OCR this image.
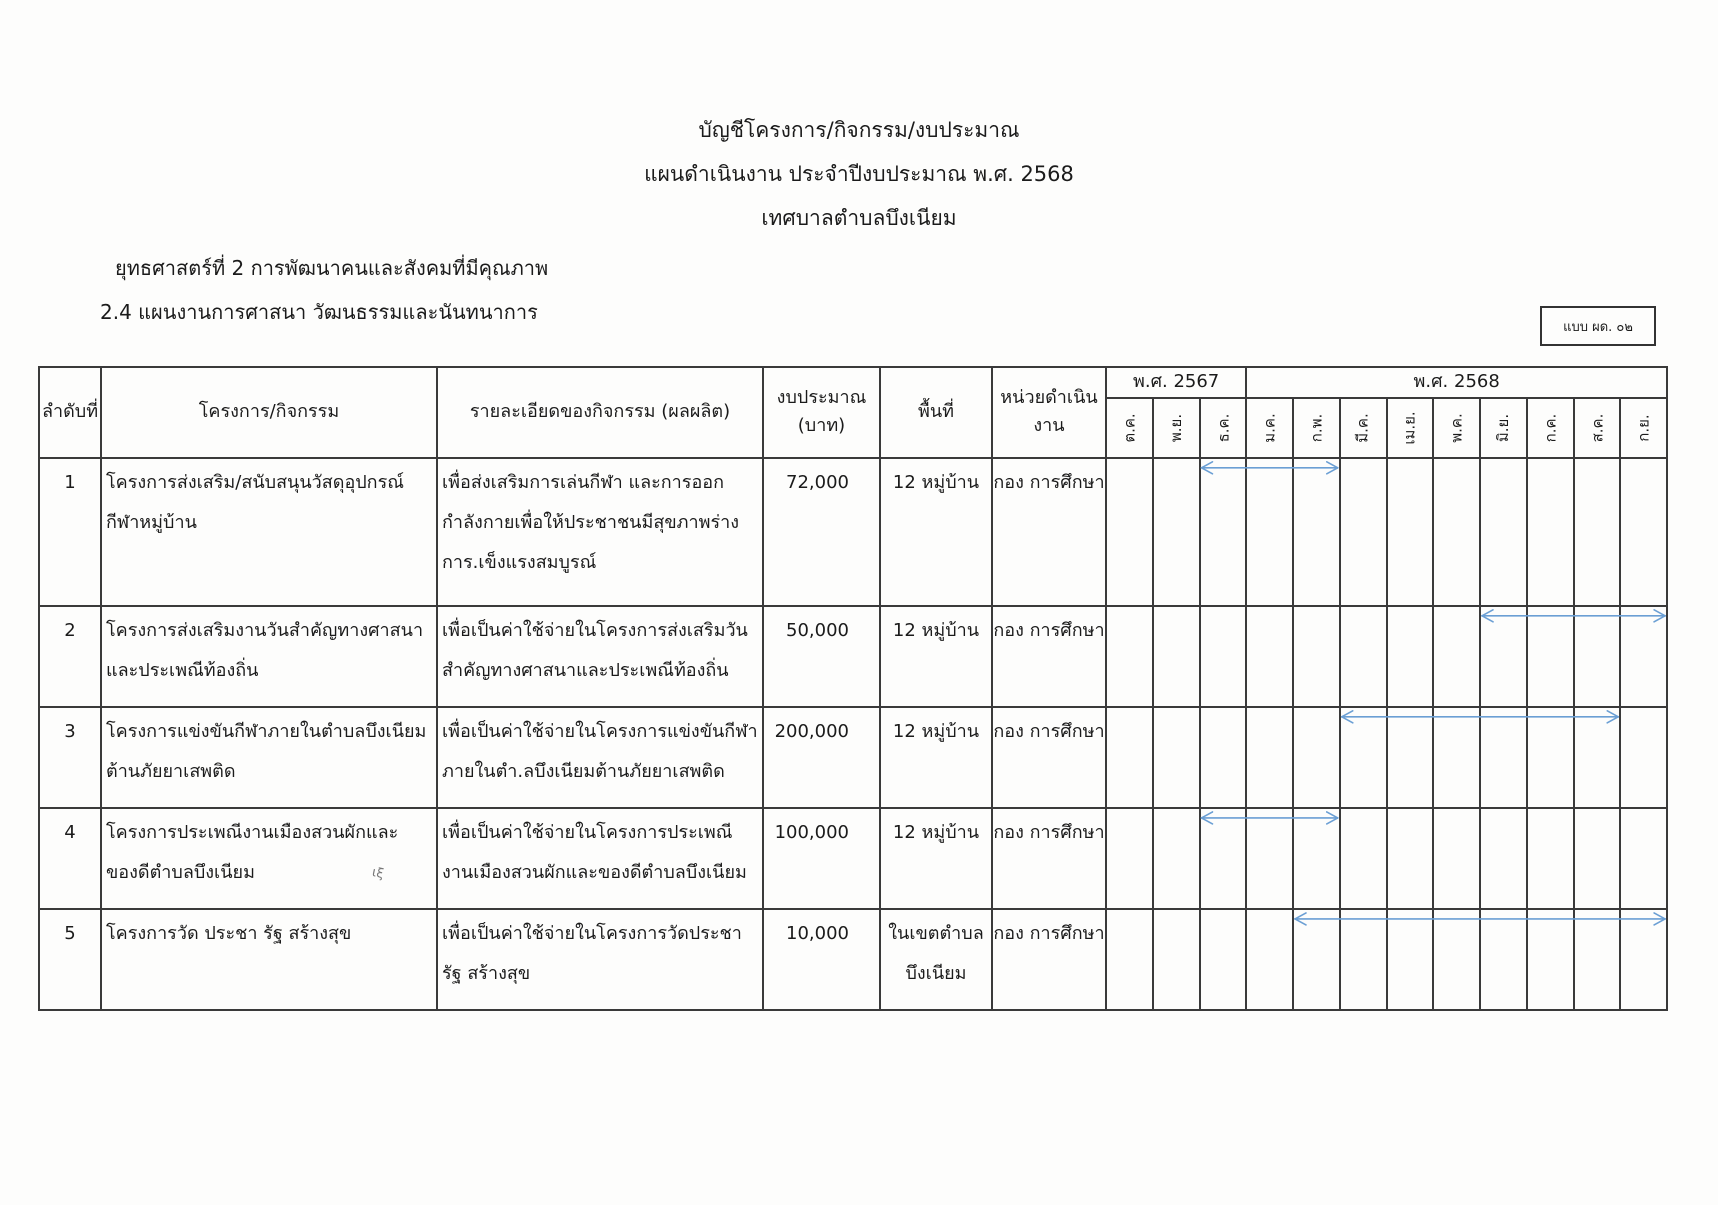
บัญชีโครงการ/กิจกรรม/งบประมาณ
แผนดำเนินงาน ประจำปีงบประมาณ พ.ศ. 2568
เทศบาลตำบลบึงเนียม
ยุทธศาสตร์ที่ 2 การพัฒนาคนและสังคมที่มีคุณภาพ
2.4 แผนงานการศาสนา วัฒนธรรมและนันทนาการ
แบบ ผด. ๐๒
ลำดับที่	โครงการ/กิจกรรม	รายละเอียดของกิจกรรม (ผลผลิต)	งบประมาณ (บาท)	พื้นที่	หน่วยดำเนินงาน	พ.ศ. 2567			พ.ศ. 2568								
						ต.ค.	พ.ย.	ธ.ค.	ม.ค.	ก.พ.	มี.ค.	เม.ย.	พ.ค.	มิ.ย.	ก.ค.	ส.ค.	ก.ย.
1	โครงการส่งเสริม/สนับสนุนวัสดุอุปกรณ์กีฬาหมู่บ้าน	เพื่อส่งเสริมการเล่นกีฬา และการออกกำลังกายเพื่อให้ประชาชนมีสุขภาพร่างการ.เข็งแรงสมบูรณ์	72,000	12 หมู่บ้าน	กอง การศึกษา												
2	โครงการส่งเสริมงานวันสำคัญทางศาสนาและประเพณีท้องถิ่น	เพื่อเป็นค่าใช้จ่ายในโครงการส่งเสริมวันสำคัญทางศาสนาและประเพณีท้องถิ่น	50,000	12 หมู่บ้าน	กอง การศึกษา												
3	โครงการแข่งขันกีฬาภายในตำบลบึงเนียมต้านภัยยาเสพติด	เพื่อเป็นค่าใช้จ่ายในโครงการแข่งขันกีฬาภายในตำ.ลบึงเนียมต้านภัยยาเสพติด	200,000	12 หมู่บ้าน	กอง การศึกษา												
4	โครงการประเพณีงานเมืองสวนผักและของดีตำบลบึงเนียม	เพื่อเป็นค่าใช้จ่ายในโครงการประเพณีงานเมืองสวนผักและของดีตำบลบึงเนียม	100,000	12 หมู่บ้าน	กอง การศึกษา												
5	โครงการวัด ประชา รัฐ สร้างสุข	เพื่อเป็นค่าใช้จ่ายในโครงการวัดประชา รัฐ สร้างสุข	10,000	ในเขตตำบลบึงเนียม	กอง การศึกษา												
ιξ
